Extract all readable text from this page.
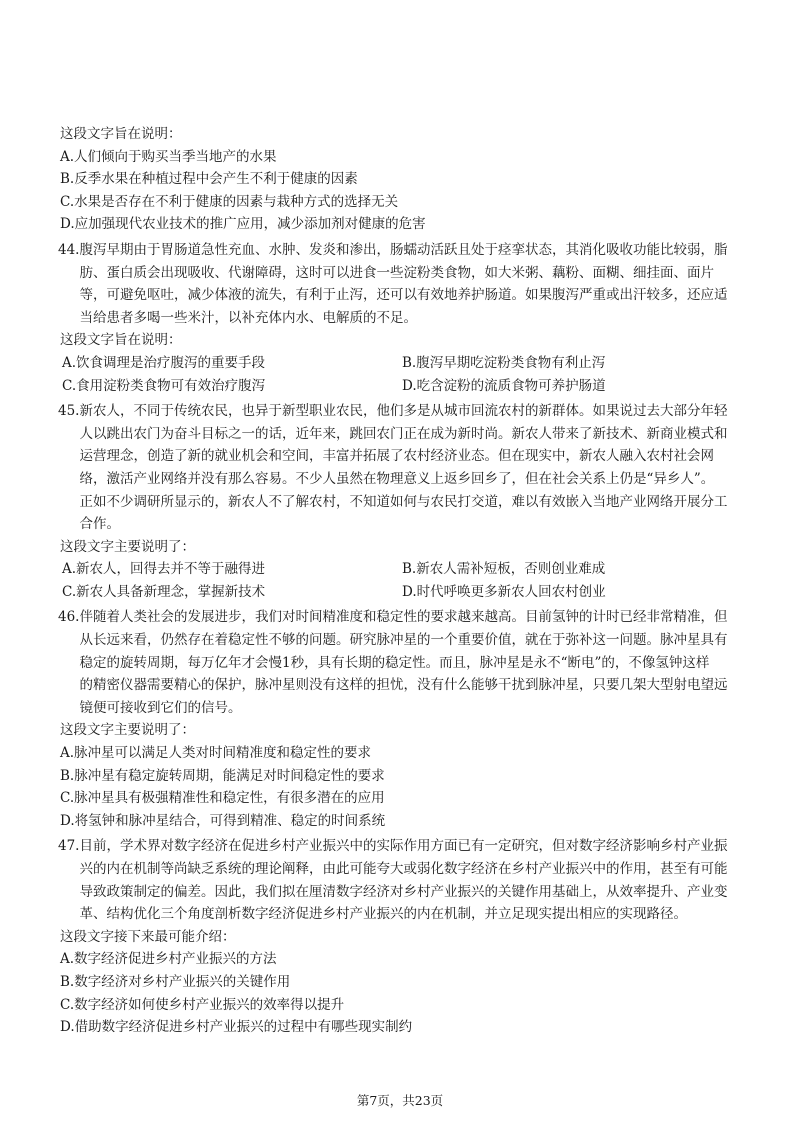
这段文字旨在说明：
A.人们倾向于购买当季当地产的水果
B.反季水果在种植过程中会产生不利于健康的因素
C.水果是否存在不利于健康的因素与栽种方式的选择无关
D.应加强现代农业技术的推广应用，减少添加剂对健康的危害
44. 腹泻早期由于胃肠道急性充血、水肿、发炎和渗出，肠蠕动活跃且处于痉挛状态，其消化吸收功能比较弱，脂
肪、蛋白质会出现吸收、代谢障碍，这时可以进食一些淀粉类食物，如大米粥、藕粉、面糊、细挂面、面片
等，可避免呕吐，减少体液的流失，有利于止泻，还可以有效地养护肠道。如果腹泻严重或出汗较多，还应适
当给患者多喝一些米汁，以补充体内水、电解质的不足。
这段文字旨在说明：
A.饮食调理是治疗腹泻的重要手段	B.腹泻早期吃淀粉类食物有利止泻
C.食用淀粉类食物可有效治疗腹泻	D.吃含淀粉的流质食物可养护肠道
45. 新农人，不同于传统农民，也异于新型职业农民，他们多是从城市回流农村的新群体。如果说过去大部分年轻
人以跳出农门为奋斗目标之一的话，近年来，跳回农门正在成为新时尚。新农人带来了新技术、新商业模式和
运营理念，创造了新的就业机会和空间，丰富并拓展了农村经济业态。但在现实中，新农人融入农村社会网
络，激活产业网络并没有那么容易。不少人虽然在物理意义上返乡回乡了，但在社会关系上仍是“异乡人”。
正如不少调研所显示的，新农人不了解农村，不知道如何与农民打交道，难以有效嵌入当地产业网络开展分工
合作。
这段文字主要说明了：
A.新农人，回得去并不等于融得进	B.新农人需补短板，否则创业难成
C.新农人具备新理念，掌握新技术	D.时代呼唤更多新农人回农村创业
46. 伴随着人类社会的发展进步，我们对时间精准度和稳定性的要求越来越高。目前氢钟的计时已经非常精准，但
从长远来看，仍然存在着稳定性不够的问题。研究脉冲星的一个重要价值，就在于弥补这一问题。脉冲星具有
稳定的旋转周期，每万亿年才会慢1秒，具有长期的稳定性。而且，脉冲星是永不“断电”的，不像氢钟这样
的精密仪器需要精心的保护，脉冲星则没有这样的担忧，没有什么能够干扰到脉冲星，只要几架大型射电望远
镜便可接收到它们的信号。
这段文字主要说明了：
A.脉冲星可以满足人类对时间精准度和稳定性的要求
B.脉冲星有稳定旋转周期，能满足对时间稳定性的要求
C.脉冲星具有极强精准性和稳定性，有很多潜在的应用
D.将氢钟和脉冲星结合，可得到精准、稳定的时间系统
47. 目前，学术界对数字经济在促进乡村产业振兴中的实际作用方面已有一定研究，但对数字经济影响乡村产业振
兴的内在机制等尚缺乏系统的理论阐释，由此可能夸大或弱化数字经济在乡村产业振兴中的作用，甚至有可能
导致政策制定的偏差。因此，我们拟在厘清数字经济对乡村产业振兴的关键作用基础上，从效率提升、产业变
革、结构优化三个角度剖析数字经济促进乡村产业振兴的内在机制，并立足现实提出相应的实现路径。
这段文字接下来最可能介绍：
A.数字经济促进乡村产业振兴的方法
B.数字经济对乡村产业振兴的关键作用
C.数字经济如何使乡村产业振兴的效率得以提升
D.借助数字经济促进乡村产业振兴的过程中有哪些现实制约
第7页，共23页
